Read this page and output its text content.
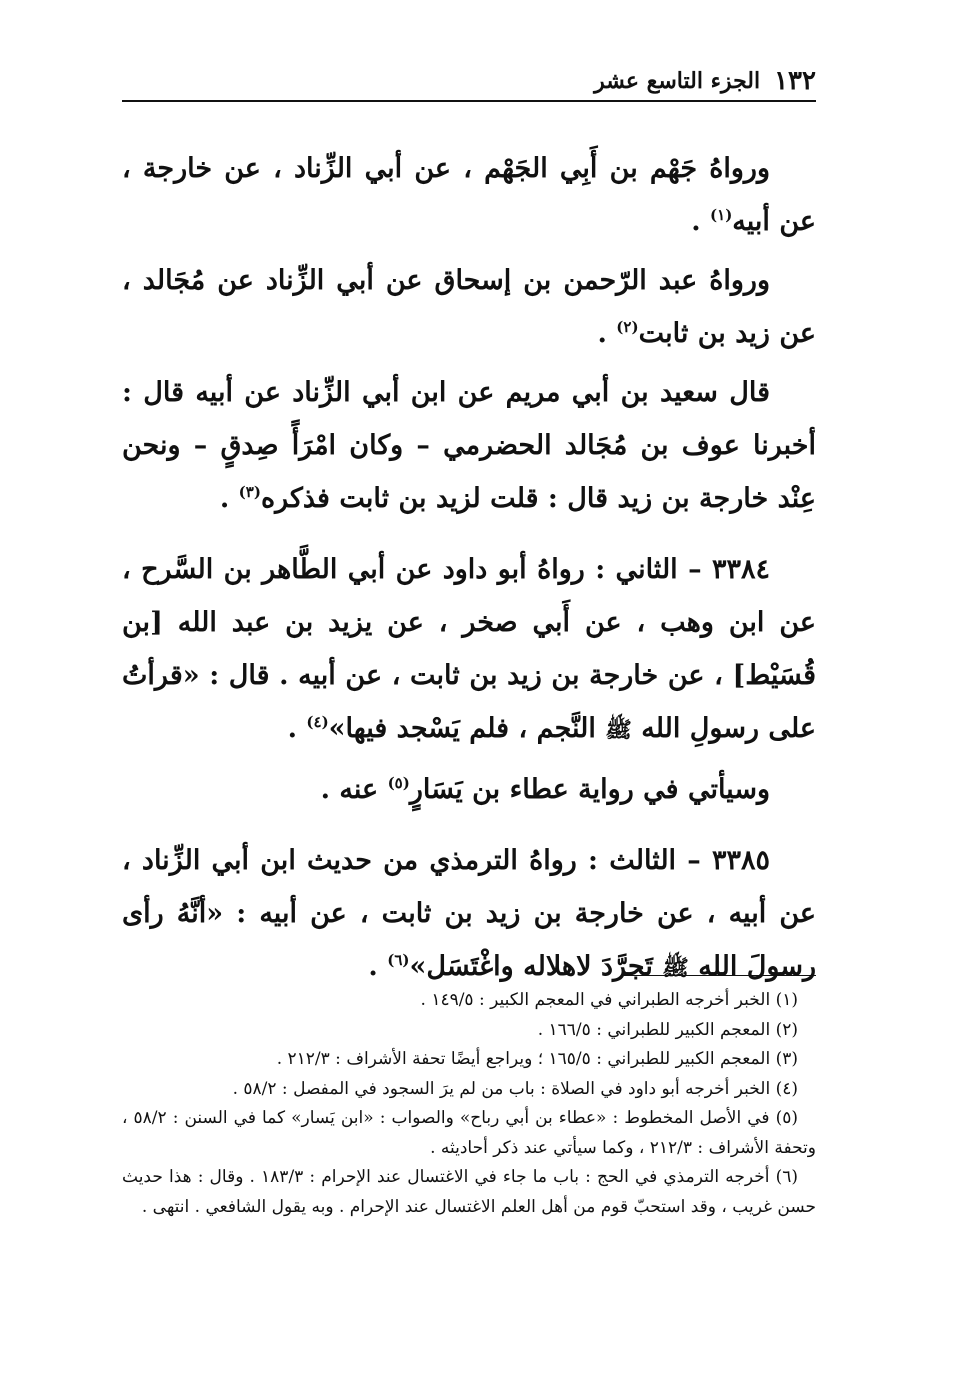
١٣٢
الجزء التاسع عشر

ورواهُ جَهْم بن أَبِي الجَهْم ، عن أبي الزِّناد ، عن خارجة ، عن أبيه$^{(١)}$ .

ورواهُ عبد الرّحمن بن إسحاق عن أبي الزِّناد عن مُجَالد ، عن زيد بن ثابت$^{(٢)}$ .

قال سعيد بن أبي مريم عن ابن أبي الزِّناد عن أبيه قال : أخبرنا عوف بن مُجَالد الحضرمي – وكان امْرَأً صِدقٍ – ونحن عِنْد خارجة بن زيد قال : قلت لزيد بن ثابت فذكره$^{(٣)}$ .

٣٣٨٤ – الثاني : رواهُ أبو داود عن أبي الطَّاهر بن السَّرح ، عن ابن وهب ، عن أَبي صخر ، عن يزيد بن عبد الله [بن قُسَيْط] ، عن خارجة بن زيد بن ثابت ، عن أبيه . قال : «قرأتُ على رسولِ الله ﷺ النَّجم ، فلم يَسْجد فيها»$^{(٤)}$ .

وسيأتي في رواية عطاء بن يَسَارٍ$^{(٥)}$ عنه .

٣٣٨٥ – الثالث : رواهُ الترمذي من حديث ابن أبي الزِّناد ، عن أبيه ، عن خارجة بن زيد بن ثابت ، عن أبيه : «أنَّهُ رأى رسولَ الله ﷺ تَجرَّدَ لاهلاله واغْتَسَل»$^{(٦)}$ .

(١) الخبر أخرجه الطبراني في المعجم الكبير : ١٤٩/٥ .

(٢) المعجم الكبير للطبراني : ١٦٦/٥ .

(٣) المعجم الكبير للطبراني : ١٦٥/٥ ؛ ويراجع أيضًا تحفة الأشراف : ٢١٢/٣ .

(٤) الخبر أخرجه أبو داود في الصلاة : باب من لم يرَ السجود في المفصل : ٥٨/٢ .

(٥) في الأصل المخطوط : «عطاء بن أبي رباح» والصواب : «ابن يَسار» كما في السنن : ٥٨/٢ ، وتحفة الأشراف : ٢١٢/٣ ، وكما سيأتي عند ذكر أحاديثه .

(٦) أخرجه الترمذي في الحج : باب ما جاء في الاغتسال عند الإحرام : ١٨٣/٣ . وقال : هذا حديث حسن غريب ، وقد استحبّ قوم من أهل العلم الاغتسال عند الإحرام . وبه يقول الشافعي . انتهى .
